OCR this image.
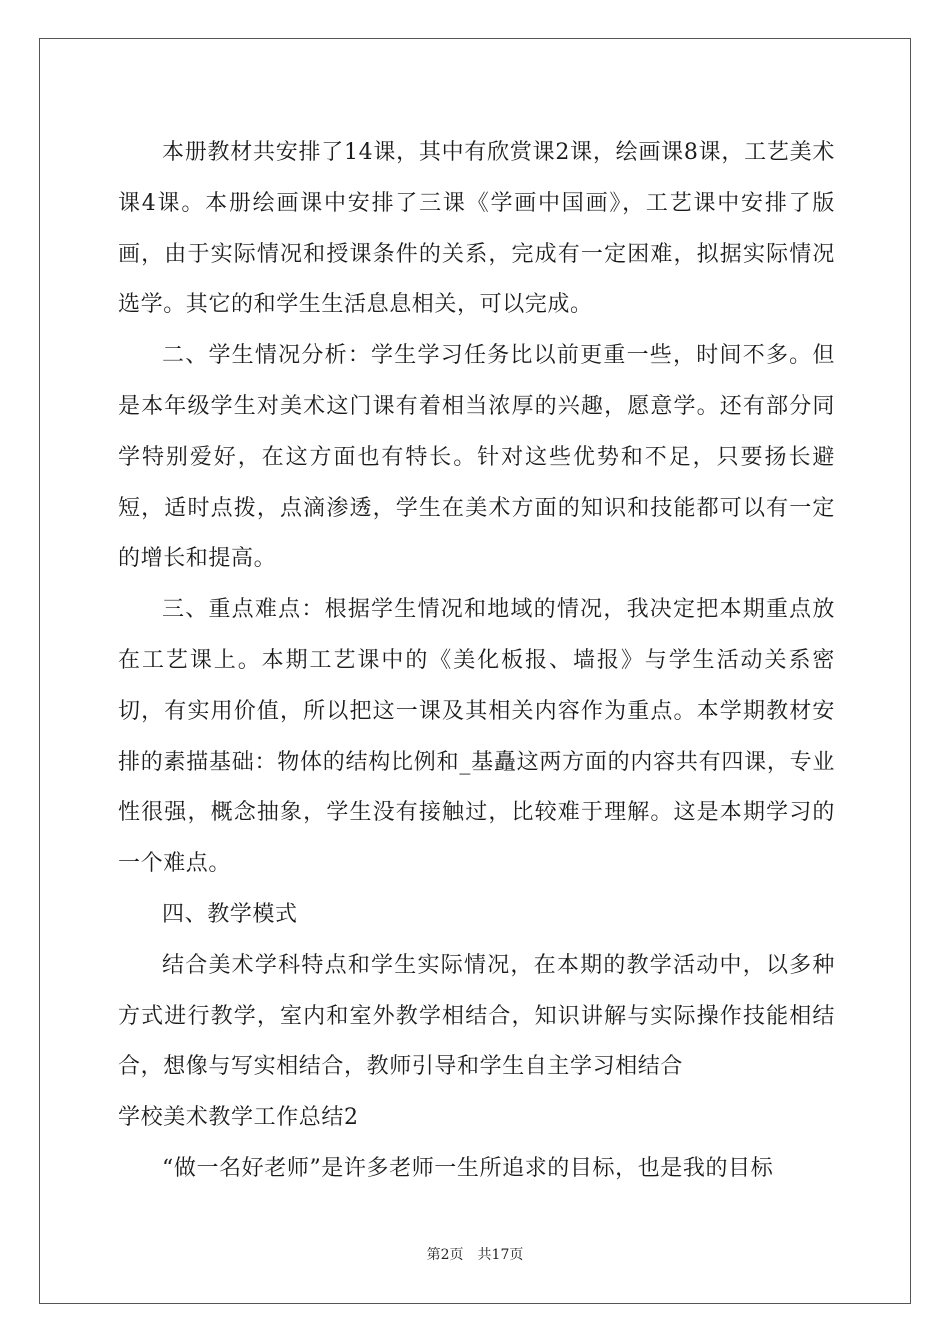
本册教材共安排了14课，其中有欣赏课2课，绘画课8课，工艺美术课4课。本册绘画课中安排了三课《学画中国画》，工艺课中安排了版画，由于实际情况和授课条件的关系，完成有一定困难，拟据实际情况选学。其它的和学生生活息息相关，可以完成。

二、学生情况分析：学生学习任务比以前更重一些，时间不多。但是本年级学生对美术这门课有着相当浓厚的兴趣，愿意学。还有部分同学特别爱好，在这方面也有特长。针对这些优势和不足，只要扬长避短，适时点拨，点滴渗透，学生在美术方面的知识和技能都可以有一定的增长和提高。

三、重点难点：根据学生情况和地域的情况，我决定把本期重点放在工艺课上。本期工艺课中的《美化板报、墙报》与学生活动关系密切，有实用价值，所以把这一课及其相关内容作为重点。本学期教材安排的素描基础：物体的结构比例和_基矗这两方面的内容共有四课，专业性很强，概念抽象，学生没有接触过，比较难于理解。这是本期学习的一个难点。

四、教学模式

结合美术学科特点和学生实际情况，在本期的教学活动中，以多种方式进行教学，室内和室外教学相结合，知识讲解与实际操作技能相结合，想像与写实相结合，教师引导和学生自主学习相结合

学校美术教学工作总结2

“做一名好老师”是许多老师一生所追求的目标，也是我的目标

第2页 共17页
